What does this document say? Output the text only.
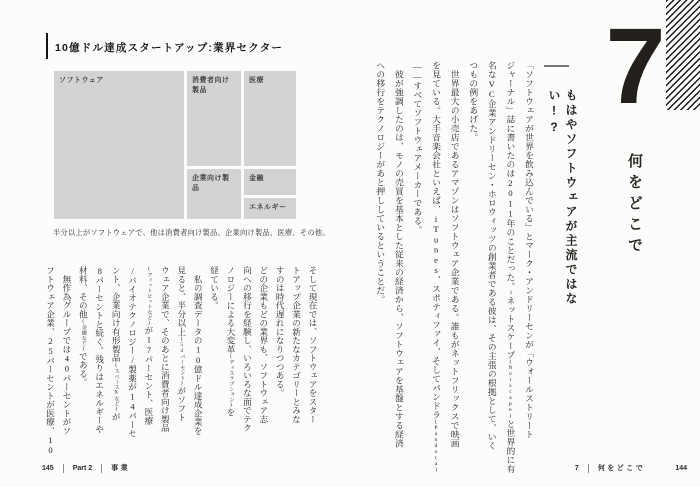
10億ドル達成スタートアップ:業界セクター
ソフトウェア	消費者向け製品
医療
企業向け製品
金融
エネルギー
半分以上がソフトウェアで、他は消費者向け製品、企業向け製品、医療、その他。
そして現在では、ソフトウェアをスター
トアップ企業の新たなカテゴリーとみな
すのは時代遅れになりつつある。
どの企業もどの業界も、ソフトウェア志
向への移行を経験し、いろいろな面でテク
ノロジーによる大変革(ディスラプション)を
経ている。
　私の調査データの10億ドル達成企業を
見ると、半分以上(54パーセント)がソフト
ウェア企業で、そのあとに消費者向け製品
(フィットビットなど)が17パーセント、医療
/バイオテクノロジー/製薬が14パーセ
ント、企業向け有形製品(スペースXなど)が
8パーセントと続く。残りはエネルギーや
材料、その他(金融など)である。
　無作為グループでは40パーセントがソ
フトウェア企業、25パーセントが医療、10
145	Part 2	事業
7
何をどこで
もはやソフトウェアが主流ではない!?
「ソフトウェアが世界を飲み込んでいる」とマーク・アンドリーセンが「ウォールストリート
ジャーナル」誌に書いたのは2011年のことだった。1ネットスケープ(Netscape)と世界的に有
名なVC企業アンドリーセン・ホロウィッツの創業者である彼は、その主張の根拠として、いく
つもの例をあげた。
　世界最大の小売店であるアマゾンはソフトウェア企業である。誰もがネットフリックスで映画
を見ている。大手音楽会社といえば、iTunes、スポティファイ、そしてパンドラ(Pandora)
――すべてソフトウェアメーカーである。
　彼が強調したのは、モノの売買を基本とした従来の経済から、ソフトウェアを基盤とする経済
への移行をテクノロジーがあと押ししているということだ。
7	何をどこで	144
